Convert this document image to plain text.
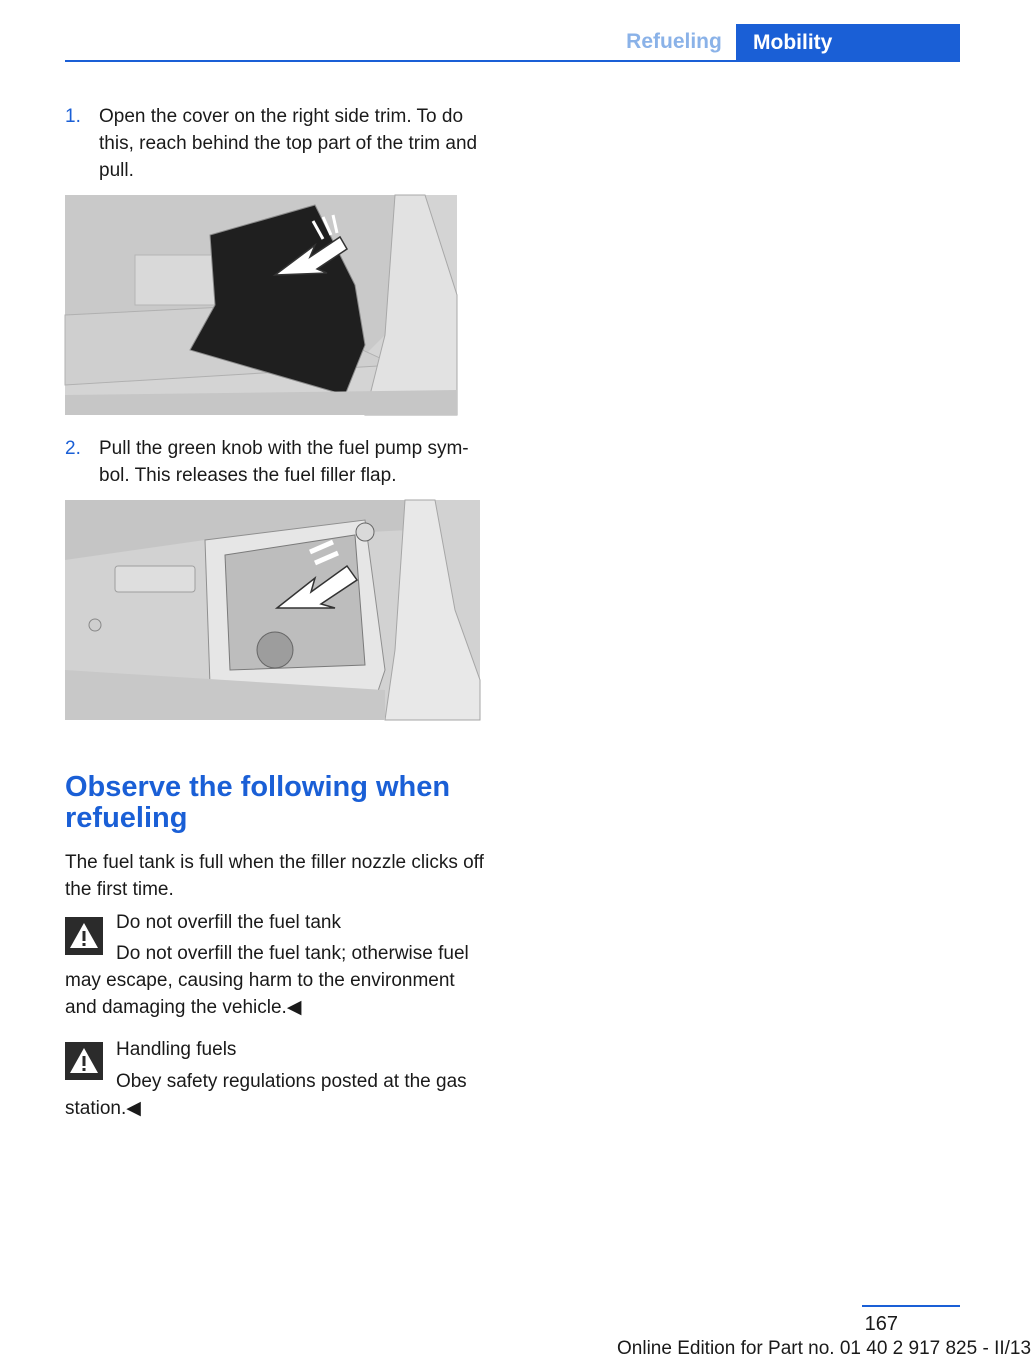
Refueling	Mobility
1. Open the cover on the right side trim. To do this, reach behind the top part of the trim and pull.
2. Pull the green knob with the fuel pump sym‐bol. This releases the fuel filler flap.
Observe the following when refueling

The fuel tank is full when the filler nozzle clicks off the first time.

Do not overfill the fuel tank
Do not overfill the fuel tank; otherwise fuel may escape, causing harm to the environment and damaging the vehicle.◀
Handling fuels
Obey safety regulations posted at the gas station.◀
167
Online Edition for Part no. 01 40 2 917 825 - II/13
